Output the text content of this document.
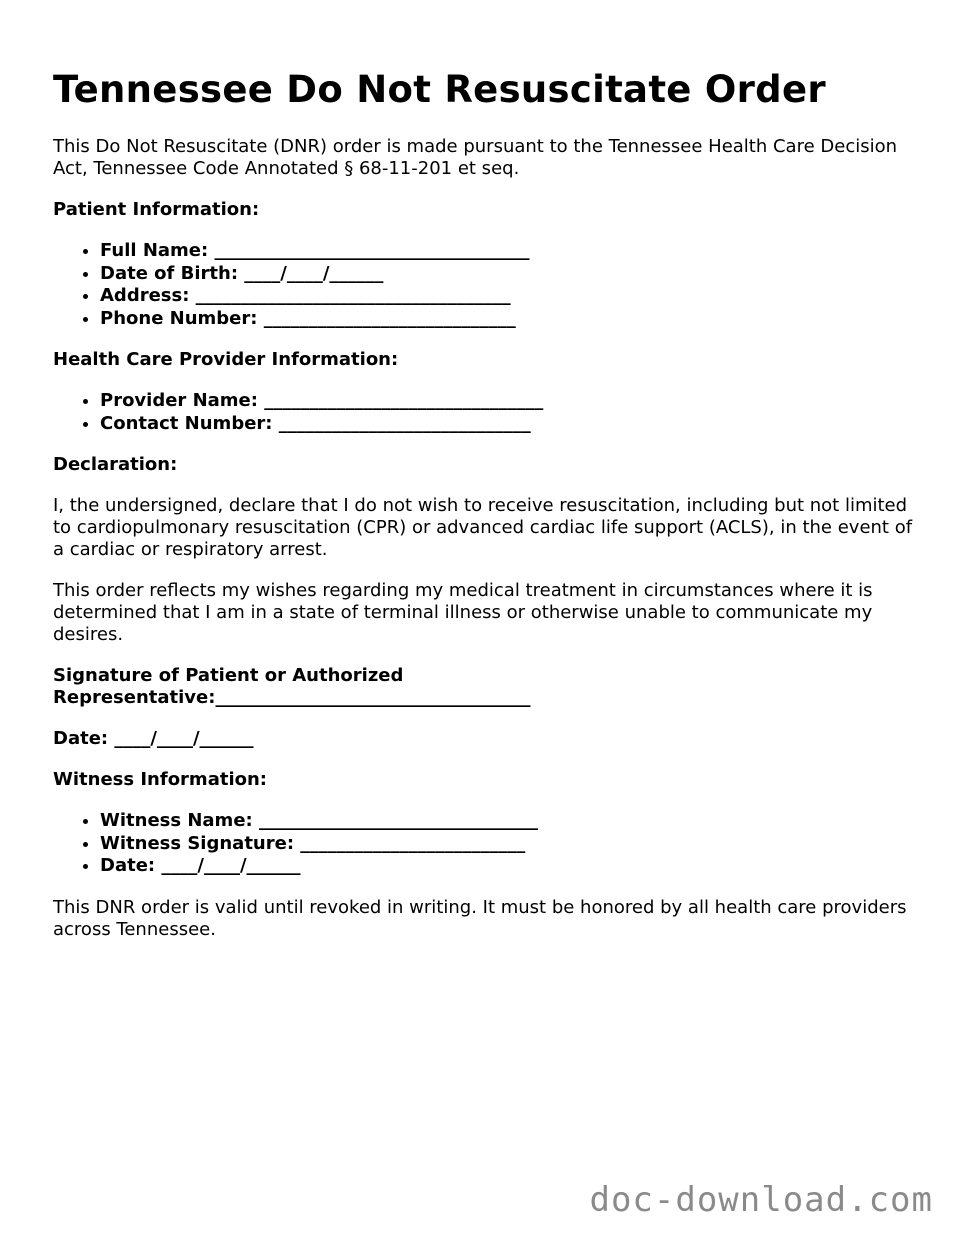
Tennessee Do Not Resuscitate Order

This Do Not Resuscitate (DNR) order is made pursuant to the Tennessee Health Care Decision Act, Tennessee Code Annotated § 68-11-201 et seq.

Patient Information:
• Full Name: ___________________________________
• Date of Birth: ____/____/______
• Address: ___________________________________
• Phone Number: ____________________________
Health Care Provider Information:
• Provider Name: _______________________________
• Contact Number: ____________________________
Declaration:

I, the undersigned, declare that I do not wish to receive resuscitation, including but not limited to cardiopulmonary resuscitation (CPR) or advanced cardiac life support (ACLS), in the event of a cardiac or respiratory arrest.

This order reflects my wishes regarding my medical treatment in circumstances where it is determined that I am in a state of terminal illness or otherwise unable to communicate my desires.

Signature of Patient or Authorized
Representative:___________________________________
Date: ____/____/______
Witness Information:
• Witness Name: _______________________________
• Witness Signature: _________________________
• Date: ____/____/______

This DNR order is valid until revoked in writing. It must be honored by all health care providers across Tennessee.

doc-download.com
